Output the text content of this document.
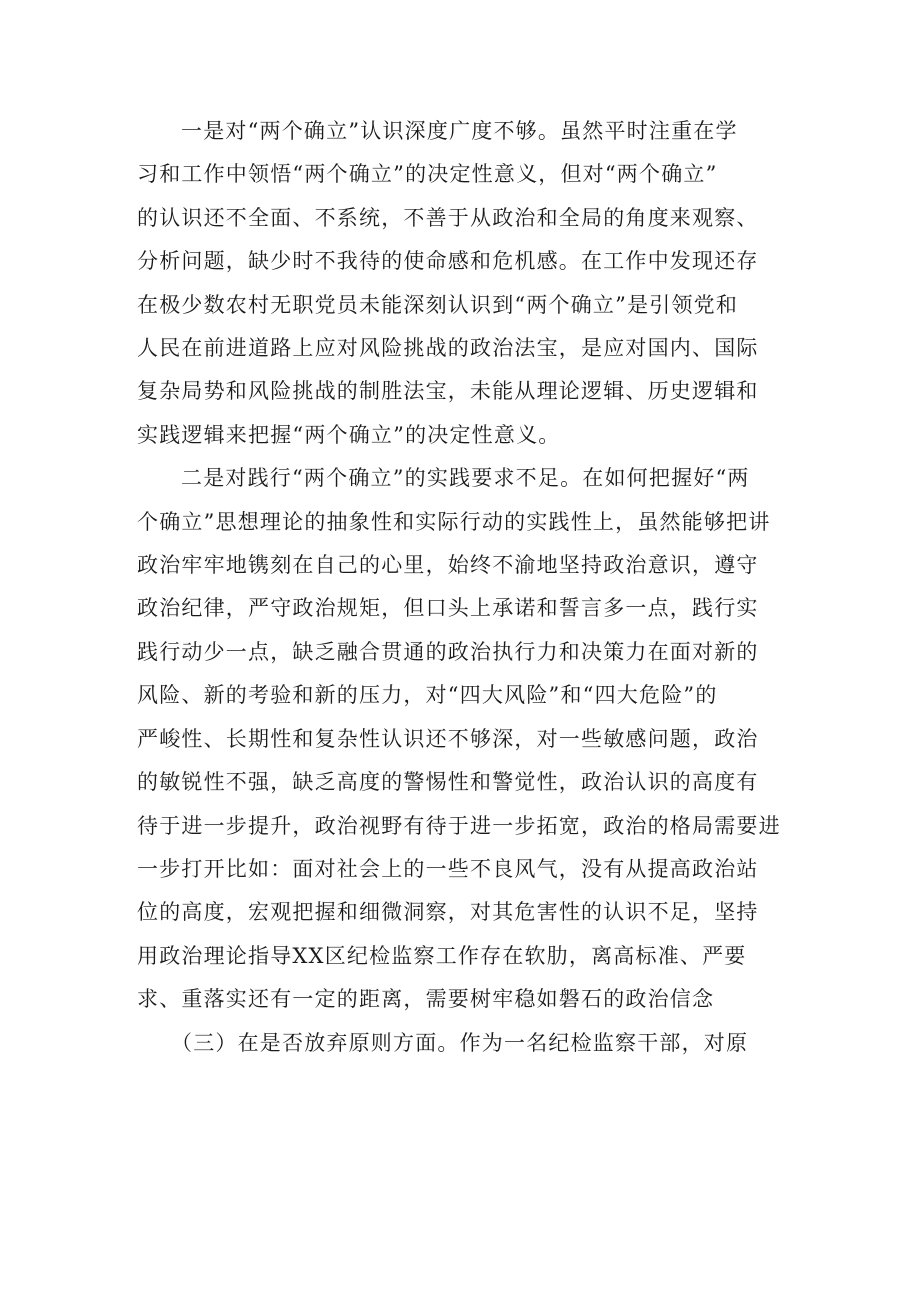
一是对“两个确立”认识深度广度不够。虽然平时注重在学
习和工作中领悟“两个确立”的决定性意义，但对“两个确立”
的认识还不全面、不系统，不善于从政治和全局的角度来观察、
分析问题，缺少时不我待的使命感和危机感。在工作中发现还存
在极少数农村无职党员未能深刻认识到“两个确立”是引领党和
人民在前进道路上应对风险挑战的政治法宝，是应对国内、国际
复杂局势和风险挑战的制胜法宝，未能从理论逻辑、历史逻辑和
实践逻辑来把握“两个确立”的决定性意义。

二是对践行“两个确立”的实践要求不足。在如何把握好“两
个确立”思想理论的抽象性和实际行动的实践性上，虽然能够把讲
政治牢牢地镌刻在自己的心里，始终不渝地坚持政治意识，遵守
政治纪律，严守政治规矩，但口头上承诺和誓言多一点，践行实
践行动少一点，缺乏融合贯通的政治执行力和决策力在面对新的
风险、新的考验和新的压力，对“四大风险”和“四大危险”的
严峻性、长期性和复杂性认识还不够深，对一些敏感问题，政治
的敏锐性不强，缺乏高度的警惕性和警觉性，政治认识的高度有
待于进一步提升，政治视野有待于进一步拓宽，政治的格局需要进
一步打开比如：面对社会上的一些不良风气，没有从提高政治站
位的高度，宏观把握和细微洞察，对其危害性的认识不足，坚持
用政治理论指导XX区纪检监察工作存在软肋，离高标准、严要
求、重落实还有一定的距离，需要树牢稳如磐石的政治信念

（三）在是否放弃原则方面。作为一名纪检监察干部，对原
